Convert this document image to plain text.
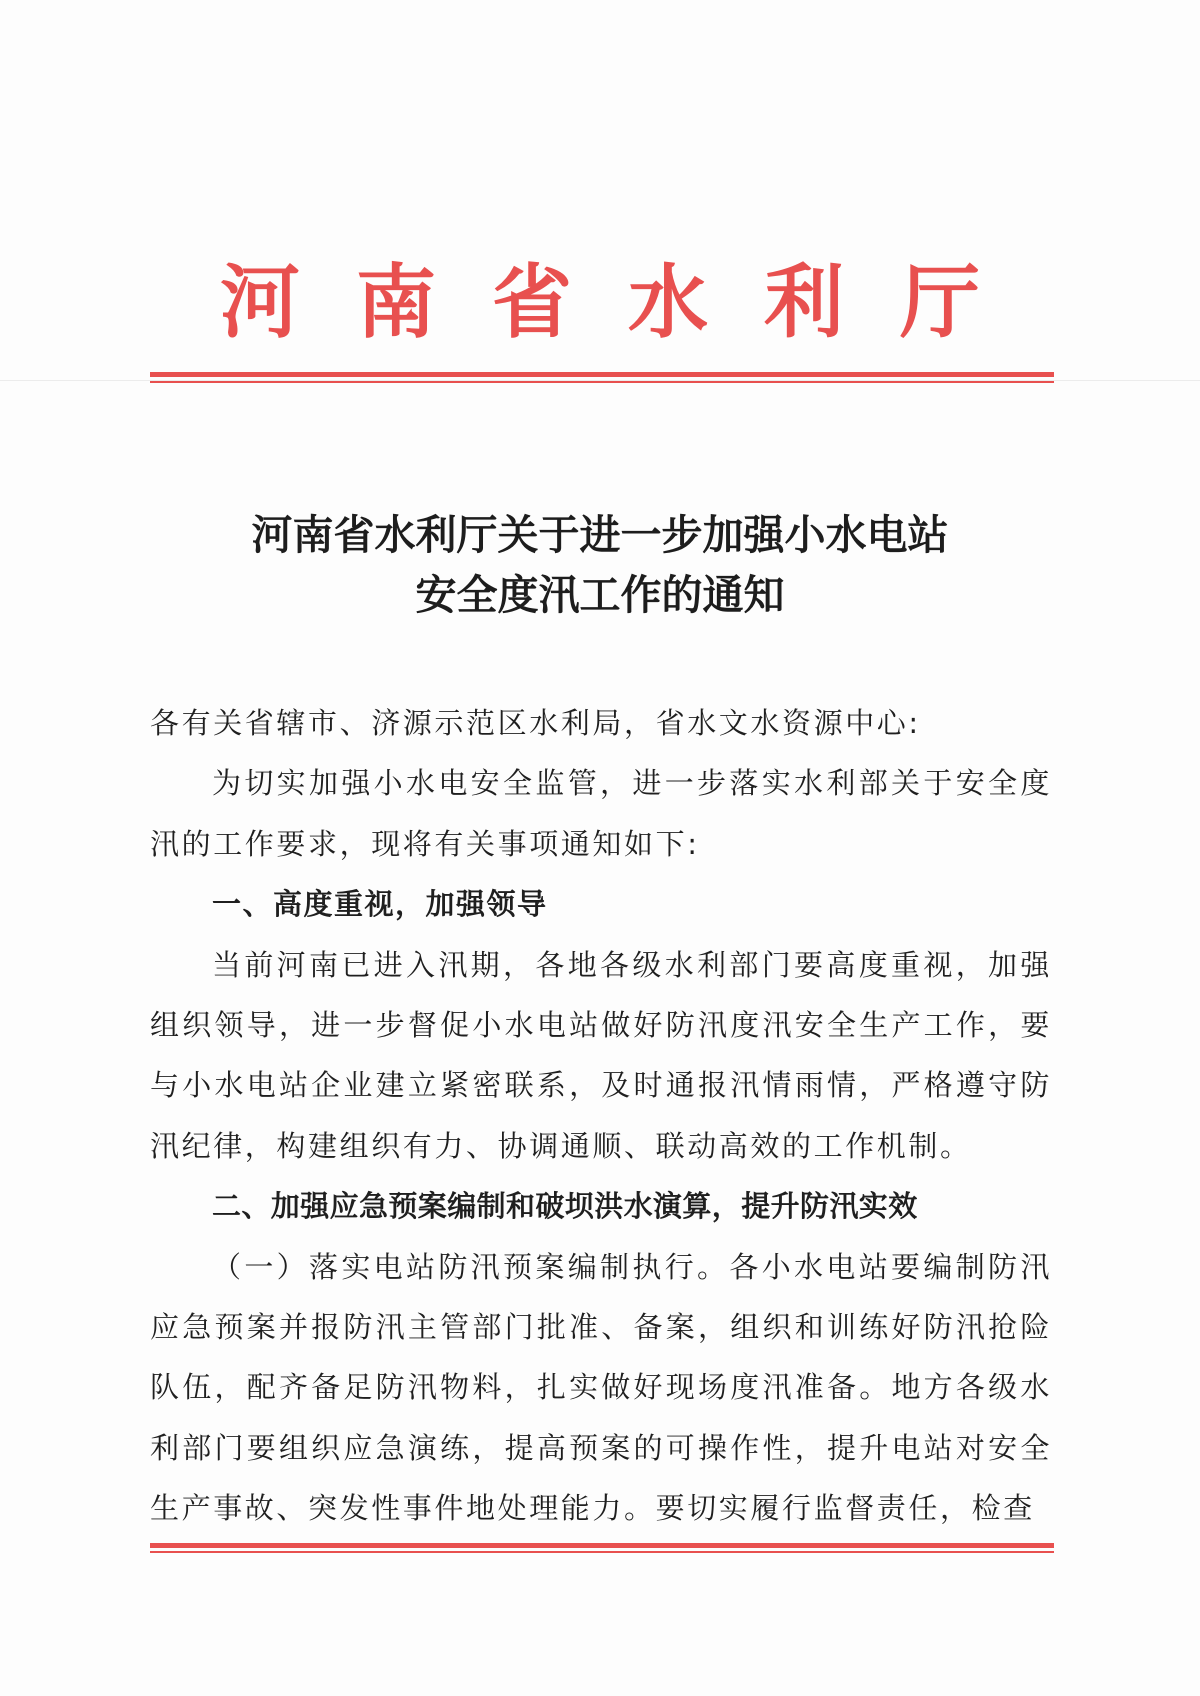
河 南 省 水 利 厅
河南省水利厅关于进一步加强小水电站
安全度汛工作的通知

各有关省辖市、济源示范区水利局，省水文水资源中心:

为切实加强小水电安全监管，进一步落实水利部关于安全度汛的工作要求，现将有关事项通知如下:

一、高度重视，加强领导

当前河南已进入汛期，各地各级水利部门要高度重视，加强组织领导，进一步督促小水电站做好防汛度汛安全生产工作，要与小水电站企业建立紧密联系，及时通报汛情雨情，严格遵守防汛纪律，构建组织有力、协调通顺、联动高效的工作机制。

二、加强应急预案编制和破坝洪水演算，提升防汛实效

（一）落实电站防汛预案编制执行。各小水电站要编制防汛应急预案并报防汛主管部门批准、备案，组织和训练好防汛抢险队伍，配齐备足防汛物料，扎实做好现场度汛准备。地方各级水利部门要组织应急演练，提高预案的可操作性，提升电站对安全生产事故、突发性事件地处理能力。要切实履行监督责任，检查
